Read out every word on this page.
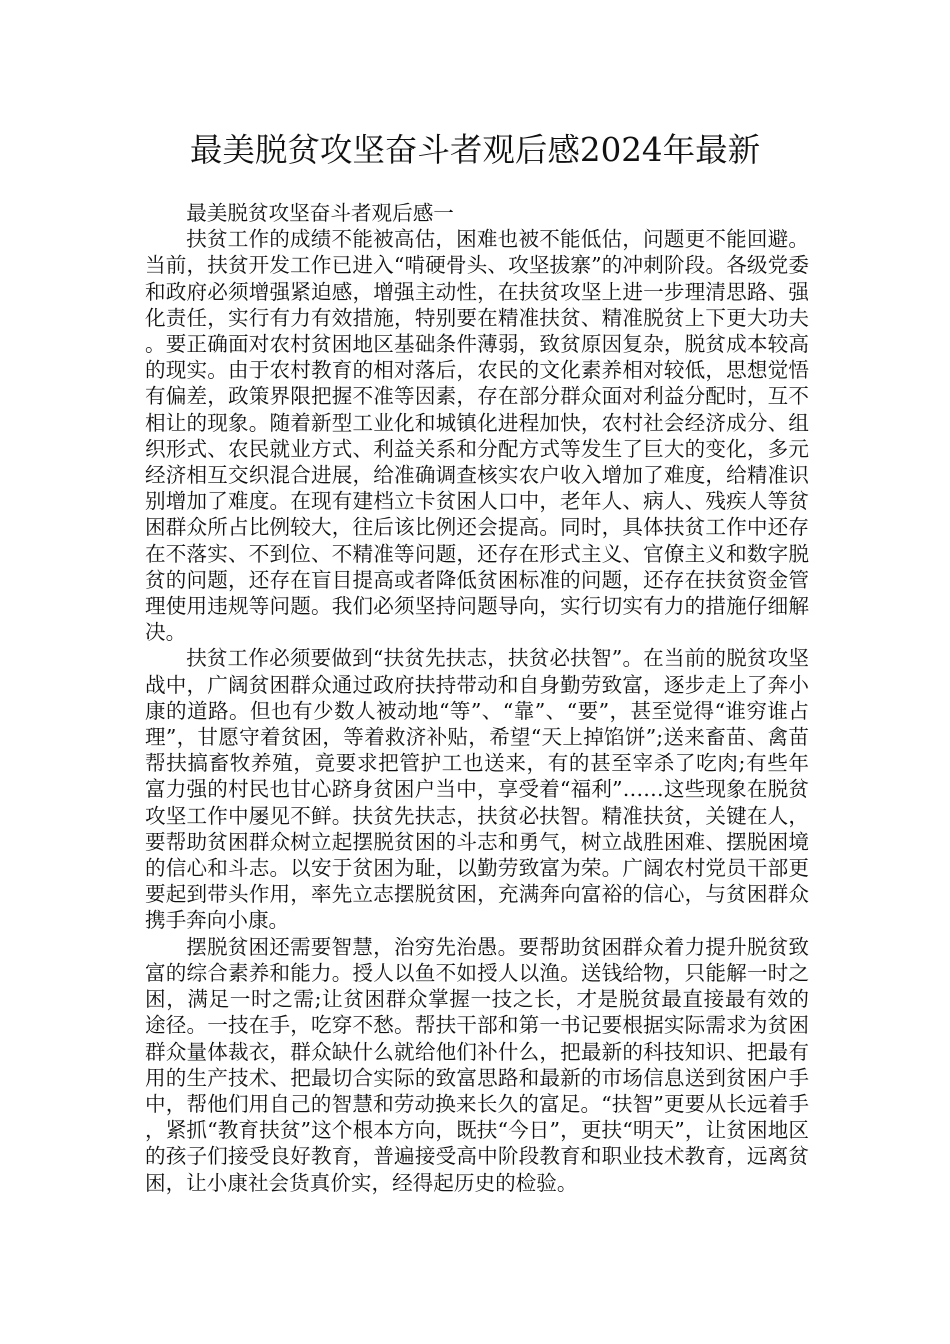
最美脱贫攻坚奋斗者观后感2024年最新

最美脱贫攻坚奋斗者观后感一

扶贫工作的成绩不能被高估，困难也被不能低估，问题更不能回避。当前，扶贫开发工作已进入“啃硬骨头、攻坚拔寨”的冲刺阶段。各级党委和政府必须增强紧迫感，增强主动性，在扶贫攻坚上进一步理清思路、强化责任，实行有力有效措施，特别要在精准扶贫、精准脱贫上下更大功夫。要正确面对农村贫困地区基础条件薄弱，致贫原因复杂，脱贫成本较高的现实。由于农村教育的相对落后，农民的文化素养相对较低，思想觉悟有偏差，政策界限把握不准等因素，存在部分群众面对利益分配时，互不相让的现象。随着新型工业化和城镇化进程加快，农村社会经济成分、组织形式、农民就业方式、利益关系和分配方式等发生了巨大的变化，多元经济相互交织混合进展，给准确调查核实农户收入增加了难度，给精准识别增加了难度。在现有建档立卡贫困人口中，老年人、病人、残疾人等贫困群众所占比例较大，往后该比例还会提高。同时，具体扶贫工作中还存在不落实、不到位、不精准等问题，还存在形式主义、官僚主义和数字脱贫的问题，还存在盲目提高或者降低贫困标准的问题，还存在扶贫资金管理使用违规等问题。我们必须坚持问题导向，实行切实有力的措施仔细解决。

扶贫工作必须要做到“扶贫先扶志，扶贫必扶智”。在当前的脱贫攻坚战中，广阔贫困群众通过政府扶持带动和自身勤劳致富，逐步走上了奔小康的道路。但也有少数人被动地“等”、“靠”、“要”，甚至觉得“谁穷谁占理”，甘愿守着贫困，等着救济补贴，希望“天上掉馅饼”;送来畜苗、禽苗帮扶搞畜牧养殖，竟要求把管护工也送来，有的甚至宰杀了吃肉;有些年富力强的村民也甘心跻身贫困户当中，享受着“福利”……这些现象在脱贫攻坚工作中屡见不鲜。扶贫先扶志，扶贫必扶智。精准扶贫，关键在人，要帮助贫困群众树立起摆脱贫困的斗志和勇气，树立战胜困难、摆脱困境的信心和斗志。以安于贫困为耻，以勤劳致富为荣。广阔农村党员干部更要起到带头作用，率先立志摆脱贫困，充满奔向富裕的信心，与贫困群众携手奔向小康。

摆脱贫困还需要智慧，治穷先治愚。要帮助贫困群众着力提升脱贫致富的综合素养和能力。授人以鱼不如授人以渔。送钱给物，只能解一时之困，满足一时之需;让贫困群众掌握一技之长，才是脱贫最直接最有效的途径。一技在手，吃穿不愁。帮扶干部和第一书记要根据实际需求为贫困群众量体裁衣，群众缺什么就给他们补什么，把最新的科技知识、把最有用的生产技术、把最切合实际的致富思路和最新的市场信息送到贫困户手中，帮他们用自己的智慧和劳动换来长久的富足。“扶智”更要从长远着手，紧抓“教育扶贫”这个根本方向，既扶“今日”，更扶“明天”，让贫困地区的孩子们接受良好教育，普遍接受高中阶段教育和职业技术教育，远离贫困，让小康社会货真价实，经得起历史的检验。
